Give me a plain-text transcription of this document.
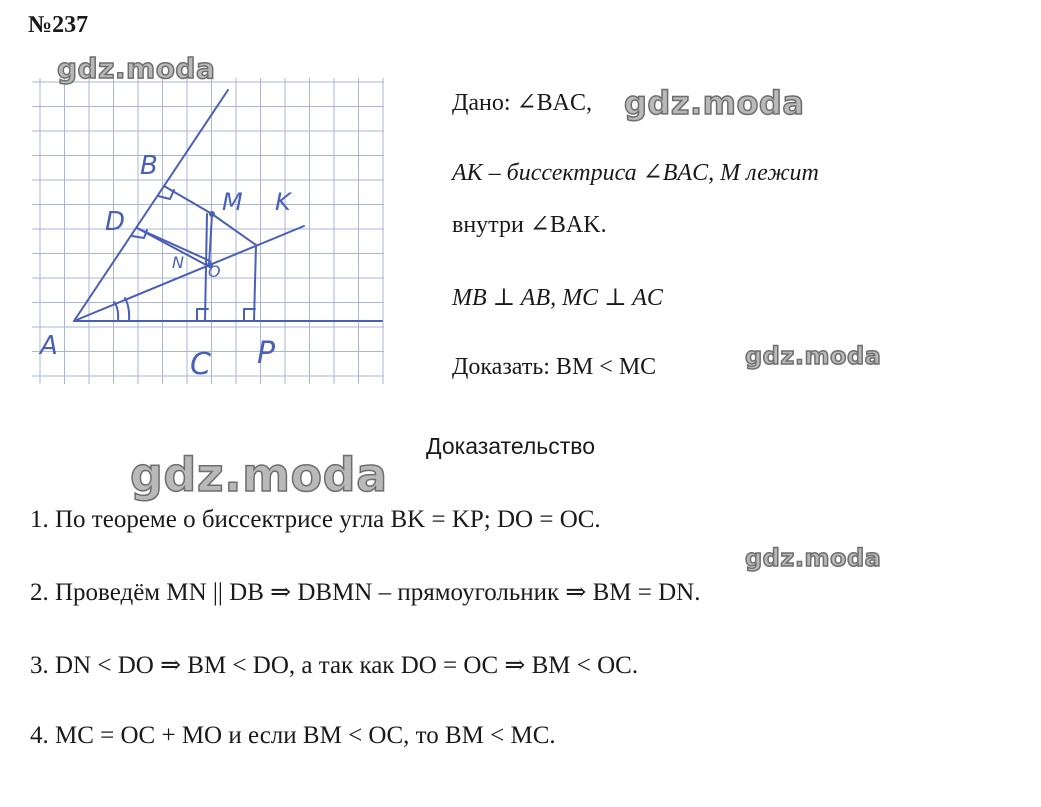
№237
A
B
D
M K
N O
C P
Дано: ∠BAC,
AK – биссектриса ∠BAC, M лежит
внутри ∠BAK.
MB ⊥ AB, MC ⊥ AC
Доказать: BM < MC
Доказательство
1. По теореме о биссектрисе угла BK = KP; DO = OC.
2. Проведём MN || DB ⇒ DBMN – прямоугольник ⇒ BM = DN.
3. DN < DO ⇒ BM < DO, а так как DO = OC ⇒ BM < OC.
4. MC = OC + MO и если BM < OC, то BM < MC.
gdz.moda
gdz.moda
gdz.moda
gdz.moda
gdz.moda
